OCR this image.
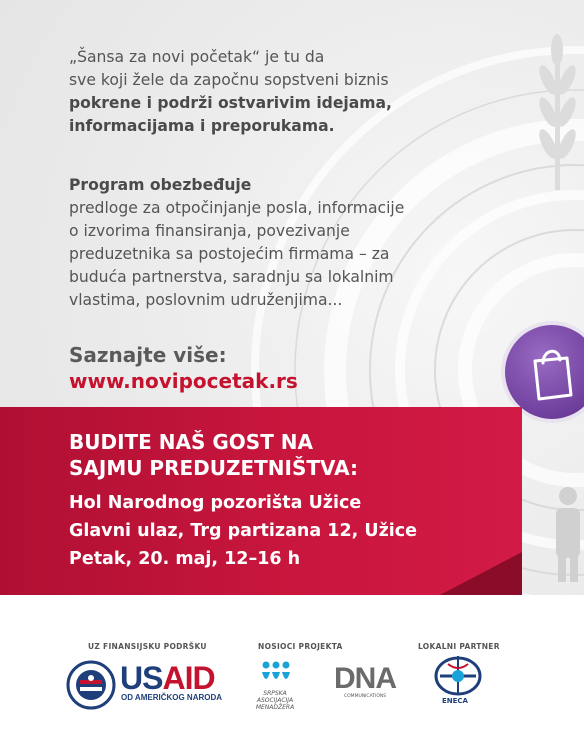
„Šansa za novi početak“ je tu da
sve koji žele da započnu sopstveni biznis
pokrene i podrži ostvarivim idejama,
informacijama i preporukama.
Program obezbeđuje
predloge za otpočinjanje posla, informacije
o izvorima finansiranja, povezivanje
preduzetnika sa postojećim firmama – za
buduća partnerstva, saradnju sa lokalnim
vlastima, poslovnim udruženjima...
Saznajte više:
www.novipocetak.rs
BUDITE NAŠ GOST NA
SAJMU PREDUZETNIŠTVA:
Hol Narodnog pozorišta Užice
Glavni ulaz, Trg partizana 12, Užice
Petak, 20. maj, 12–16 h
UZ FINANSIJSKU PODRŠKU	NOSIOCI PROJEKTA	LOKALNI PARTNER
USAID
OD AMERIČKOG NARODA	SRPSKA ASOCIJACIJA MENADŽERA
DNA
COMMUNICATIONS
ENECA
